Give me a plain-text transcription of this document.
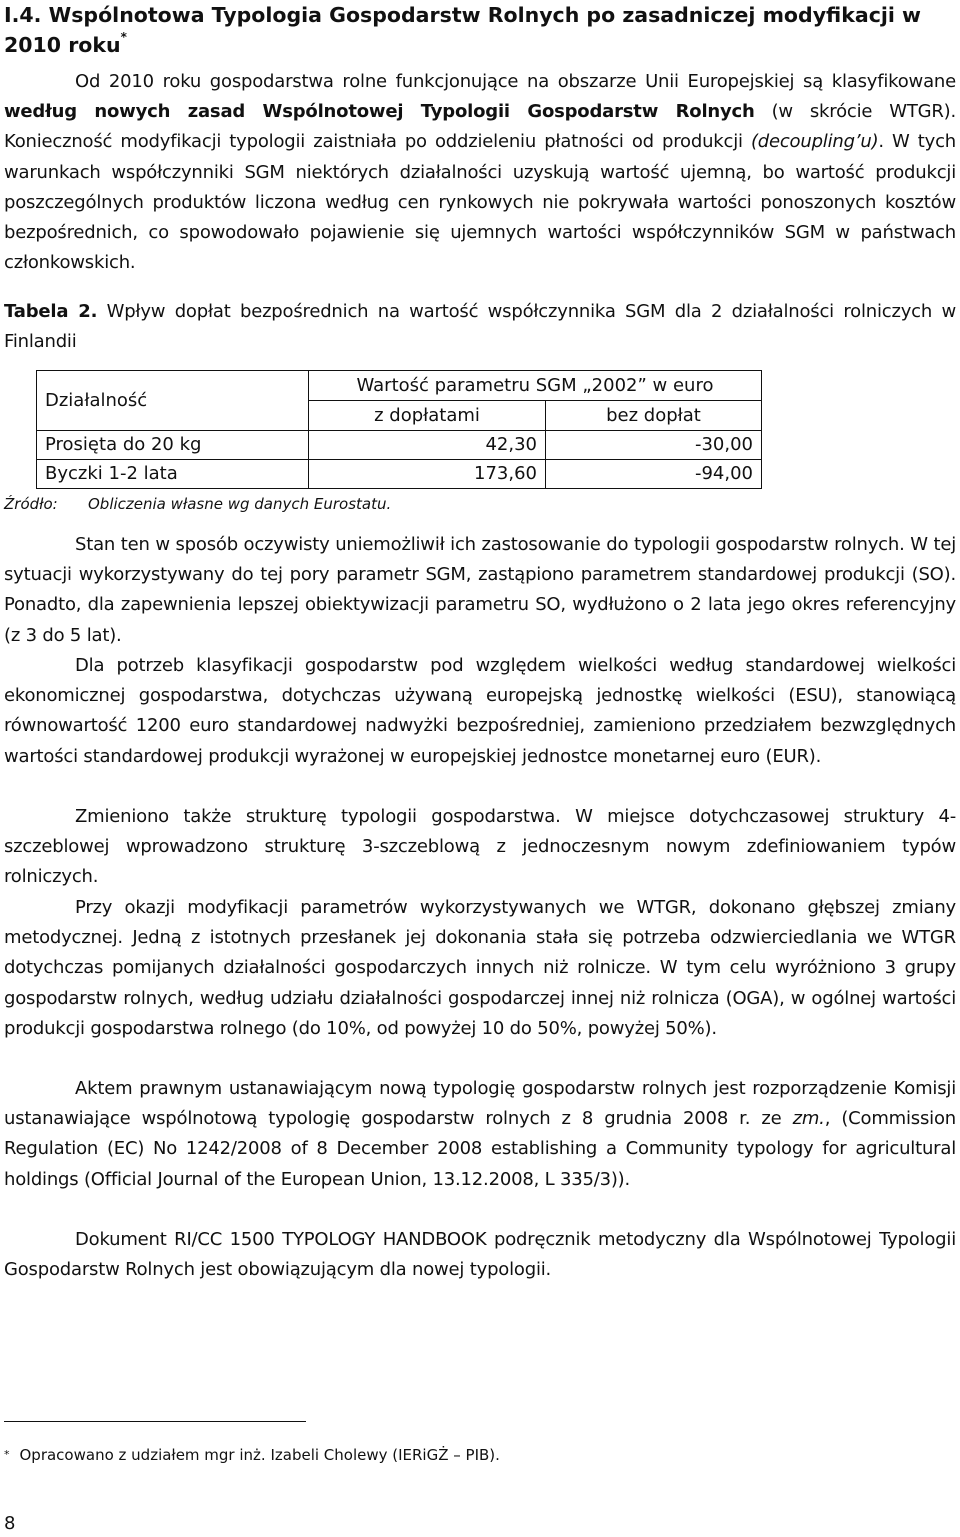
I.4. Wspólnotowa Typologia Gospodarstw Rolnych po zasadniczej modyfikacji w 2010 roku*
Od 2010 roku gospodarstwa rolne funkcjonujące na obszarze Unii Europejskiej są klasyfikowane według nowych zasad Wspólnotowej Typologii Gospodarstw Rolnych (w skrócie WTGR). Konieczność modyfikacji typologii zaistniała po oddzieleniu płatności od produkcji (decoupling’u). W tych warunkach współczynniki SGM niektórych działalności uzyskują wartość ujemną, bo wartość produkcji poszczególnych produktów liczona według cen rynkowych nie pokrywała wartości ponoszonych kosztów bezpośrednich, co spowodowało pojawienie się ujemnych wartości współczynników SGM w państwach członkowskich.
Tabela 2. Wpływ dopłat bezpośrednich na wartość współczynnika SGM dla 2 działalności rolniczych w Finlandii
Działalność	Wartość parametru SGM „2002” w euro	
	z dopłatami	bez dopłat
Prosięta do 20 kg	42,30	-30,00
Byczki 1-2 lata	173,60	-94,00
Źródło: Obliczenia własne wg danych Eurostatu.
Stan ten w sposób oczywisty uniemożliwił ich zastosowanie do typologii gospodarstw rolnych. W tej sytuacji wykorzystywany do tej pory parametr SGM, zastąpiono parametrem standardowej produkcji (SO). Ponadto, dla zapewnienia lepszej obiektywizacji parametru SO, wydłużono o 2 lata jego okres referencyjny (z 3 do 5 lat).
Dla potrzeb klasyfikacji gospodarstw pod względem wielkości według standardowej wielkości ekonomicznej gospodarstwa, dotychczas używaną europejską jednostkę wielkości (ESU), stanowiącą równowartość 1200 euro standardowej nadwyżki bezpośredniej, zamieniono przedziałem bezwzględnych wartości standardowej produkcji wyrażonej w europejskiej jednostce monetarnej euro (EUR).
Zmieniono także strukturę typologii gospodarstwa. W miejsce dotychczasowej struktury 4-szczeblowej wprowadzono strukturę 3-szczeblową z jednoczesnym nowym zdefiniowaniem typów rolniczych.
Przy okazji modyfikacji parametrów wykorzystywanych we WTGR, dokonano głębszej zmiany metodycznej. Jedną z istotnych przesłanek jej dokonania stała się potrzeba odzwierciedlania we WTGR dotychczas pomijanych działalności gospodarczych innych niż rolnicze. W tym celu wyróżniono 3 grupy gospodarstw rolnych, według udziału działalności gospodarczej innej niż rolnicza (OGA), w ogólnej wartości produkcji gospodarstwa rolnego (do 10%, od powyżej 10 do 50%, powyżej 50%).
Aktem prawnym ustanawiającym nową typologię gospodarstw rolnych jest rozporządzenie Komisji ustanawiające wspólnotową typologię gospodarstw rolnych z 8 grudnia 2008 r. ze zm., (Commission Regulation (EC) No 1242/2008 of 8 December 2008 establishing a Community typology for agricultural holdings (Official Journal of the European Union, 13.12.2008, L 335/3)).
Dokument RI/CC 1500 TYPOLOGY HANDBOOK podręcznik metodyczny dla Wspólnotowej Typologii Gospodarstw Rolnych jest obowiązującym dla nowej typologii.
* Opracowano z udziałem mgr inż. Izabeli Cholewy (IERiGŻ – PIB).
8
